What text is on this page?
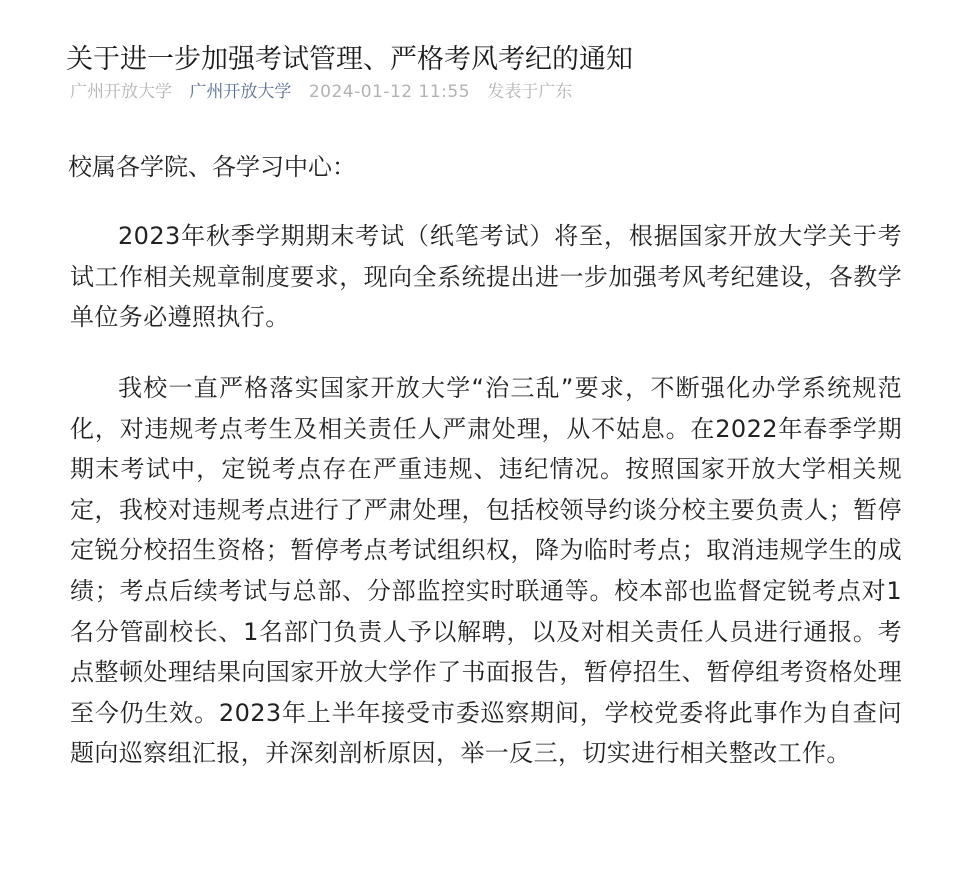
关于进一步加强考试管理、严格考风考纪的通知
广州开放大学 广州开放大学 2024-01-12 11:55 发表于广东
校属各学院、各学习中心：

2023年秋季学期期末考试（纸笔考试）将至，根据国家开放大学关于考试工作相关规章制度要求，现向全系统提出进一步加强考风考纪建设，各教学单位务必遵照执行。

我校一直严格落实国家开放大学“治三乱”要求，不断强化办学系统规范化，对违规考点考生及相关责任人严肃处理，从不姑息。在2022年春季学期期末考试中，定锐考点存在严重违规、违纪情况。按照国家开放大学相关规定，我校对违规考点进行了严肃处理，包括校领导约谈分校主要负责人；暂停定锐分校招生资格；暂停考点考试组织权，降为临时考点；取消违规学生的成绩；考点后续考试与总部、分部监控实时联通等。校本部也监督定锐考点对1名分管副校长、1名部门负责人予以解聘，以及对相关责任人员进行通报。考点整顿处理结果向国家开放大学作了书面报告，暂停招生、暂停组考资格处理至今仍生效。2023年上半年接受市委巡察期间，学校党委将此事作为自查问题向巡察组汇报，并深刻剖析原因，举一反三，切实进行相关整改工作。
